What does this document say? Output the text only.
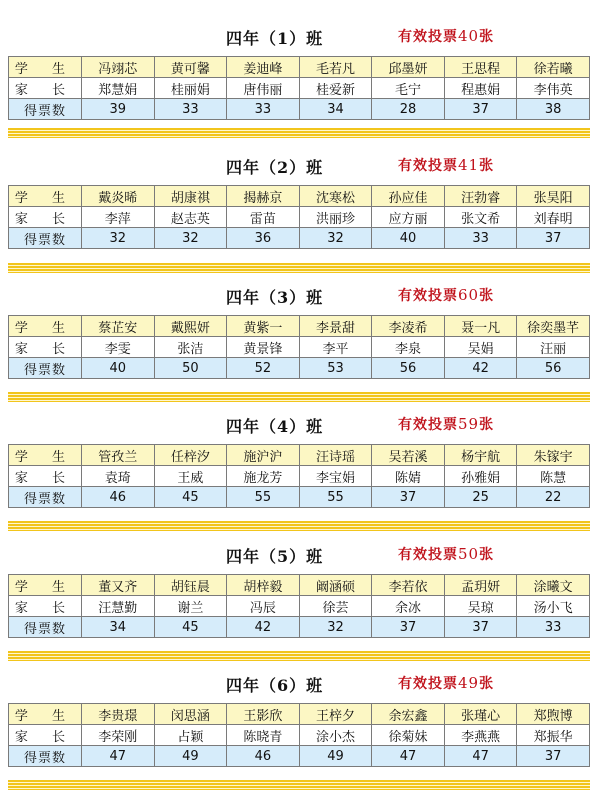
四年（1）班	有效投票40张
学 生	冯翊芯	黄可馨	姜迪峰	毛若凡	邱墨妍	王思程	徐若曦
家 长	郑慧娟	桂丽娟	唐伟丽	桂爱新	毛宁	程惠娟	李伟英
得票数	39	33	33	34	28	37	38
四年（2）班	有效投票41张
学 生	戴炎晞	胡康祺	揭赫京	沈寒松	孙应佳	汪勃睿	张昊阳
家 长	李萍	赵志英	雷苗	洪丽珍	应方丽	张文希	刘春明
得票数	32	32	36	32	40	33	37
四年（3）班	有效投票60张
学 生	蔡芷安	戴熙妍	黄紫一	李景甜	李凌希	聂一凡	徐奕墨芊
家 长	李雯	张洁	黄景锋	李平	李泉	吴娟	汪丽
得票数	40	50	52	53	56	42	56
四年（4）班	有效投票59张
学 生	管孜兰	任梓汐	施沪沪	汪诗瑶	吴若溪	杨宇航	朱镓宇
家 长	袁琦	王威	施龙芳	李宝娟	陈婧	孙雅娟	陈慧
得票数	46	45	55	55	37	25	22
四年（5）班	有效投票50张
学 生	董又齐	胡钰晨	胡梓毅	阚涵硕	李若依	孟玥妍	涂曦文
家 长	汪慧勤	谢兰	冯辰	徐芸	余冰	吴琼	汤小飞
得票数	34	45	42	32	37	37	33
四年（6）班	有效投票49张
学 生	李贵璟	闵思涵	王影欣	王梓夕	余宏鑫	张瑾心	郑煦博
家 长	李荣刚	占颖	陈晓青	涂小杰	徐菊妹	李燕燕	郑振华
得票数	47	49	46	49	47	47	37
